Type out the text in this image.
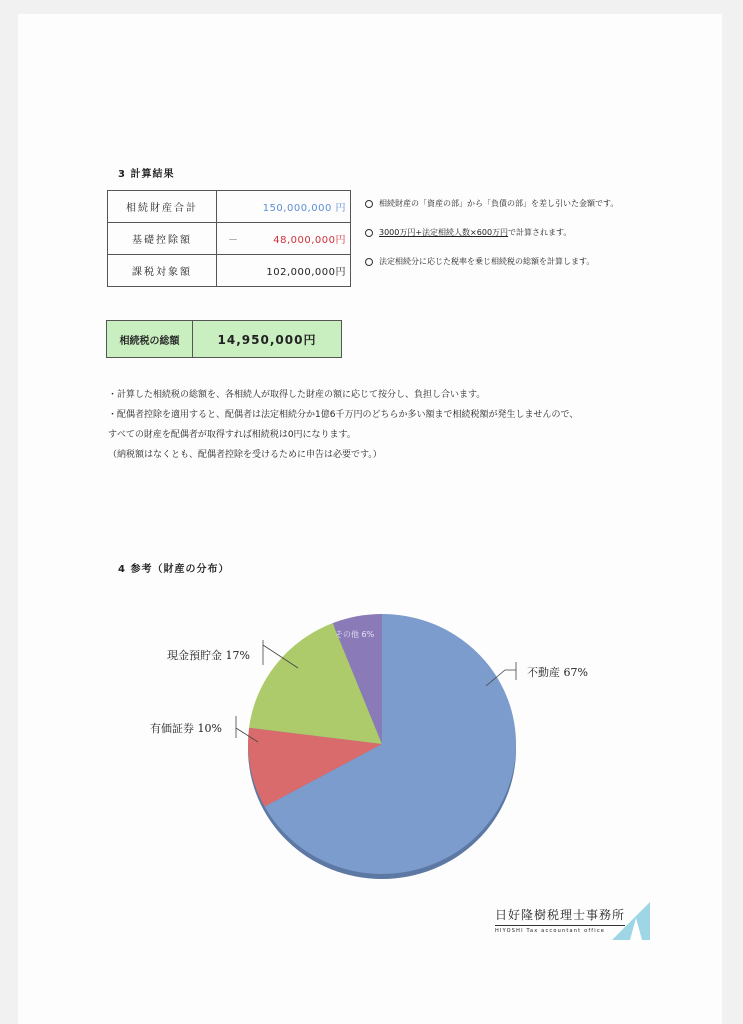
3 計算結果
相続財産合計	150,000,000 円
基礎控除額	－ 48,000,000円
課税対象額	102,000,000円
相続財産の「資産の部」から「負債の部」を差し引いた金額です。
3000万円+法定相続人数×600万円で計算されます。
法定相続分に応じた税率を乗じ相続税の総額を計算します。
相続税の総額	14,950,000円
・計算した相続税の総額を、各相続人が取得した財産の額に応じて按分し、負担し合います。
・配偶者控除を適用すると、配偶者は法定相続分か1億6千万円のどちらか多い額まで相続税額が発生しませんので、
すべての財産を配偶者が取得すれば相続税は0円になります。
（納税額はなくとも、配偶者控除を受けるために申告は必要です。）
4 参考（財産の分布）
不動産 67%
有価証券 10%
現金預貯金 17%
その他 6%
日好隆樹税理士事務所
HIYOSHI Tax accountant office
